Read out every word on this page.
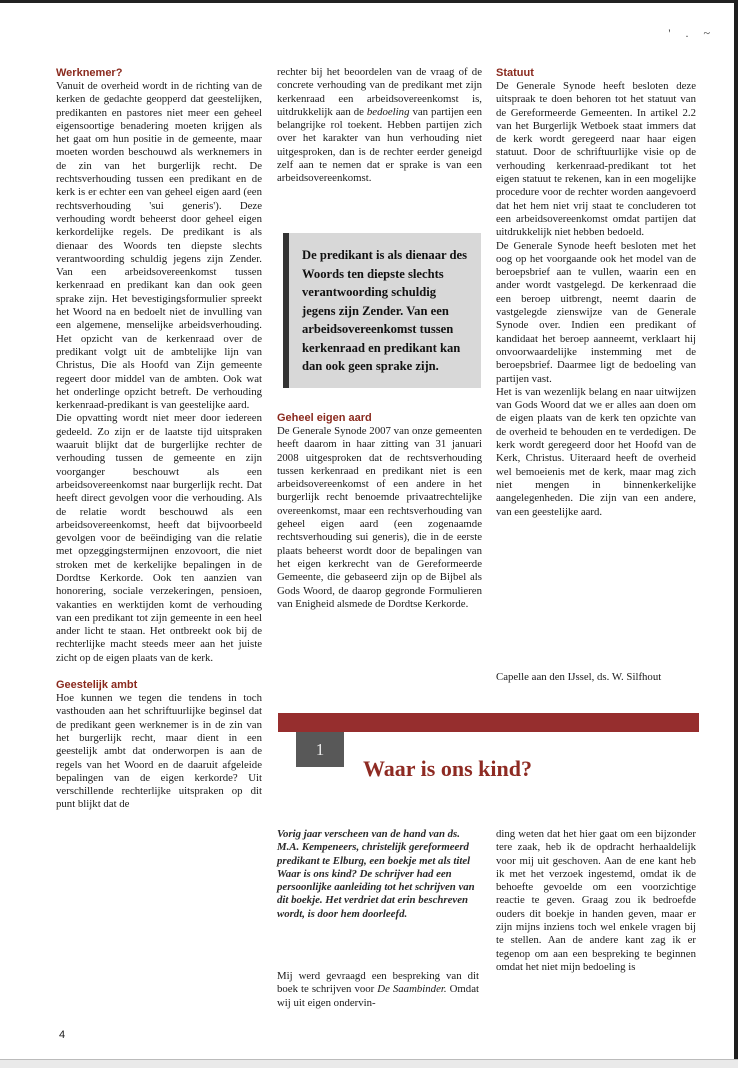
' . ~

Werknemer?

Vanuit de overheid wordt in de richting van de kerken de gedachte geopperd dat geestelijken, predikanten en pastores niet meer een geheel eigensoortige benadering moeten krijgen als het gaat om hun positie in de gemeente, maar moeten worden beschouwd als werknemers in de zin van het burgerlijk recht. De rechtsverhouding tussen een predikant en de kerk is er echter een van geheel eigen aard (een rechtsverhouding 'sui generis'). Deze verhouding wordt beheerst door geheel eigen kerkordelijke regels. De predikant is als dienaar des Woords ten diepste slechts verantwoording schuldig jegens zijn Zender. Van een arbeidsovereenkomst tussen kerkenraad en predikant kan dan ook geen sprake zijn. Het bevestigingsformulier spreekt het Woord na en bedoelt niet de invulling van een algemene, menselijke arbeidsverhouding. Het opzicht van de kerkenraad over de predikant volgt uit de ambtelijke lijn van Christus, Die als Hoofd van Zijn gemeente regeert door middel van de ambten. Ook wat het onderlinge opzicht betreft. De verhouding kerkenraad-predikant is van geestelijke aard.

Die opvatting wordt niet meer door iedereen gedeeld. Zo zijn er de laatste tijd uitspraken waaruit blijkt dat de burgerlijke rechter de verhouding tussen de gemeente en zijn voorganger beschouwt als een arbeidsovereenkomst naar burgerlijk recht. Dat heeft direct gevolgen voor die verhouding. Als de relatie wordt beschouwd als een arbeidsovereenkomst, heeft dat bijvoorbeeld gevolgen voor de beëindiging van die relatie met opzeggingstermijnen enzovoort, die niet stroken met de kerkelijke bepalingen in de Dordtse Kerkorde. Ook ten aanzien van honorering, sociale verzekeringen, pensioen, vakanties en werktijden komt de verhouding van een predikant tot zijn gemeente in een heel ander licht te staan. Het ontbreekt ook bij de rechterlijke macht steeds meer aan het juiste zicht op de eigen plaats van de kerk.

Geestelijk ambt

Hoe kunnen we tegen die tendens in toch vasthouden aan het schriftuurlijke beginsel dat de predikant geen werknemer is in de zin van het burgerlijk recht, maar dient in een geestelijk ambt dat onderworpen is aan de regels van het Woord en de daaruit afgeleide bepalingen van de eigen kerkorde? Uit verschillende rechterlijke uitspraken op dit punt blijkt dat de

rechter bij het beoordelen van de vraag of de concrete verhouding van de predikant met zijn kerkenraad een arbeidsovereenkomst is, uitdrukkelijk aan de bedoeling van partijen een belangrijke rol toekent. Hebben partijen zich over het karakter van hun verhouding niet uitgesproken, dan is de rechter eerder geneigd zelf aan te nemen dat er sprake is van een arbeidsovereenkomst.

De predikant is als dienaar des Woords ten diepste slechts verantwoording schuldig jegens zijn Zender. Van een arbeidsovereenkomst tussen kerkenraad en predikant kan dan ook geen sprake zijn.

Geheel eigen aard

De Generale Synode 2007 van onze gemeenten heeft daarom in haar zitting van 31 januari 2008 uitgesproken dat de rechtsverhouding tussen kerkenraad en predikant niet is een arbeidsovereenkomst of een andere in het burgerlijk recht benoemde privaatrechtelijke overeenkomst, maar een rechtsverhouding van geheel eigen aard (een zogenaamde rechtsverhouding sui generis), die in de eerste plaats beheerst wordt door de bepalingen van het eigen kerkrecht van de Gereformeerde Gemeente, die gebaseerd zijn op de Bijbel als Gods Woord, de daarop gegronde Formulieren van Enigheid alsmede de Dordtse Kerkorde.

Statuut

De Generale Synode heeft besloten deze uitspraak te doen behoren tot het statuut van de Gereformeerde Gemeenten. In artikel 2.2 van het Burgerlijk Wetboek staat immers dat de kerk wordt geregeerd naar haar eigen statuut. Door de schriftuurlijke visie op de verhouding kerkenraad-predikant tot het eigen statuut te rekenen, kan in een mogelijke procedure voor de rechter worden aangevoerd dat het hem niet vrij staat te concluderen tot een arbeidsovereenkomst omdat partijen dat uitdrukkelijk niet hebben bedoeld.

De Generale Synode heeft besloten met het oog op het voorgaande ook het model van de beroepsbrief aan te vullen, waarin een en ander wordt vastgelegd. De kerkenraad die een beroep uitbrengt, neemt daarin de vastgelegde zienswijze van de Generale Synode over. Indien een predikant of kandidaat het beroep aanneemt, verklaart hij onvoorwaardelijke instemming met de beroepsbrief. Daarmee ligt de bedoeling van partijen vast.

Het is van wezenlijk belang en naar uitwijzen van Gods Woord dat we er alles aan doen om de eigen plaats van de kerk ten opzichte van de overheid te behouden en te verdedigen. De kerk wordt geregeerd door het Hoofd van de Kerk, Christus. Uiteraard heeft de overheid wel bemoeienis met de kerk, maar mag zich niet mengen in binnenkerkelijke aangelegenheden. Die zijn van een andere, van een geestelijke aard.

Capelle aan den IJssel, ds. W. Silfhout
1
Waar is ons kind?

Vorig jaar verscheen van de hand van ds. M.A. Kempeneers, christelijk gereformeerd predikant te Elburg, een boekje met als titel Waar is ons kind? De schrijver had een persoonlijke aanleiding tot het schrijven van dit boekje. Het verdriet dat erin beschreven wordt, is door hem doorleefd.

Mij werd gevraagd een bespreking van dit boek te schrijven voor De Saambinder. Omdat wij uit eigen ondervin-

ding weten dat het hier gaat om een bijzonder tere zaak, heb ik de opdracht herhaaldelijk voor mij uit geschoven. Aan de ene kant heb ik met het verzoek ingestemd, omdat ik de behoefte gevoelde om een voorzichtige reactie te geven. Graag zou ik bedroefde ouders dit boekje in handen geven, maar er zijn mijns inziens toch wel enkele vragen bij te stellen. Aan de andere kant zag ik er tegenop om aan een bespreking te beginnen omdat het niet mijn bedoeling is

4
